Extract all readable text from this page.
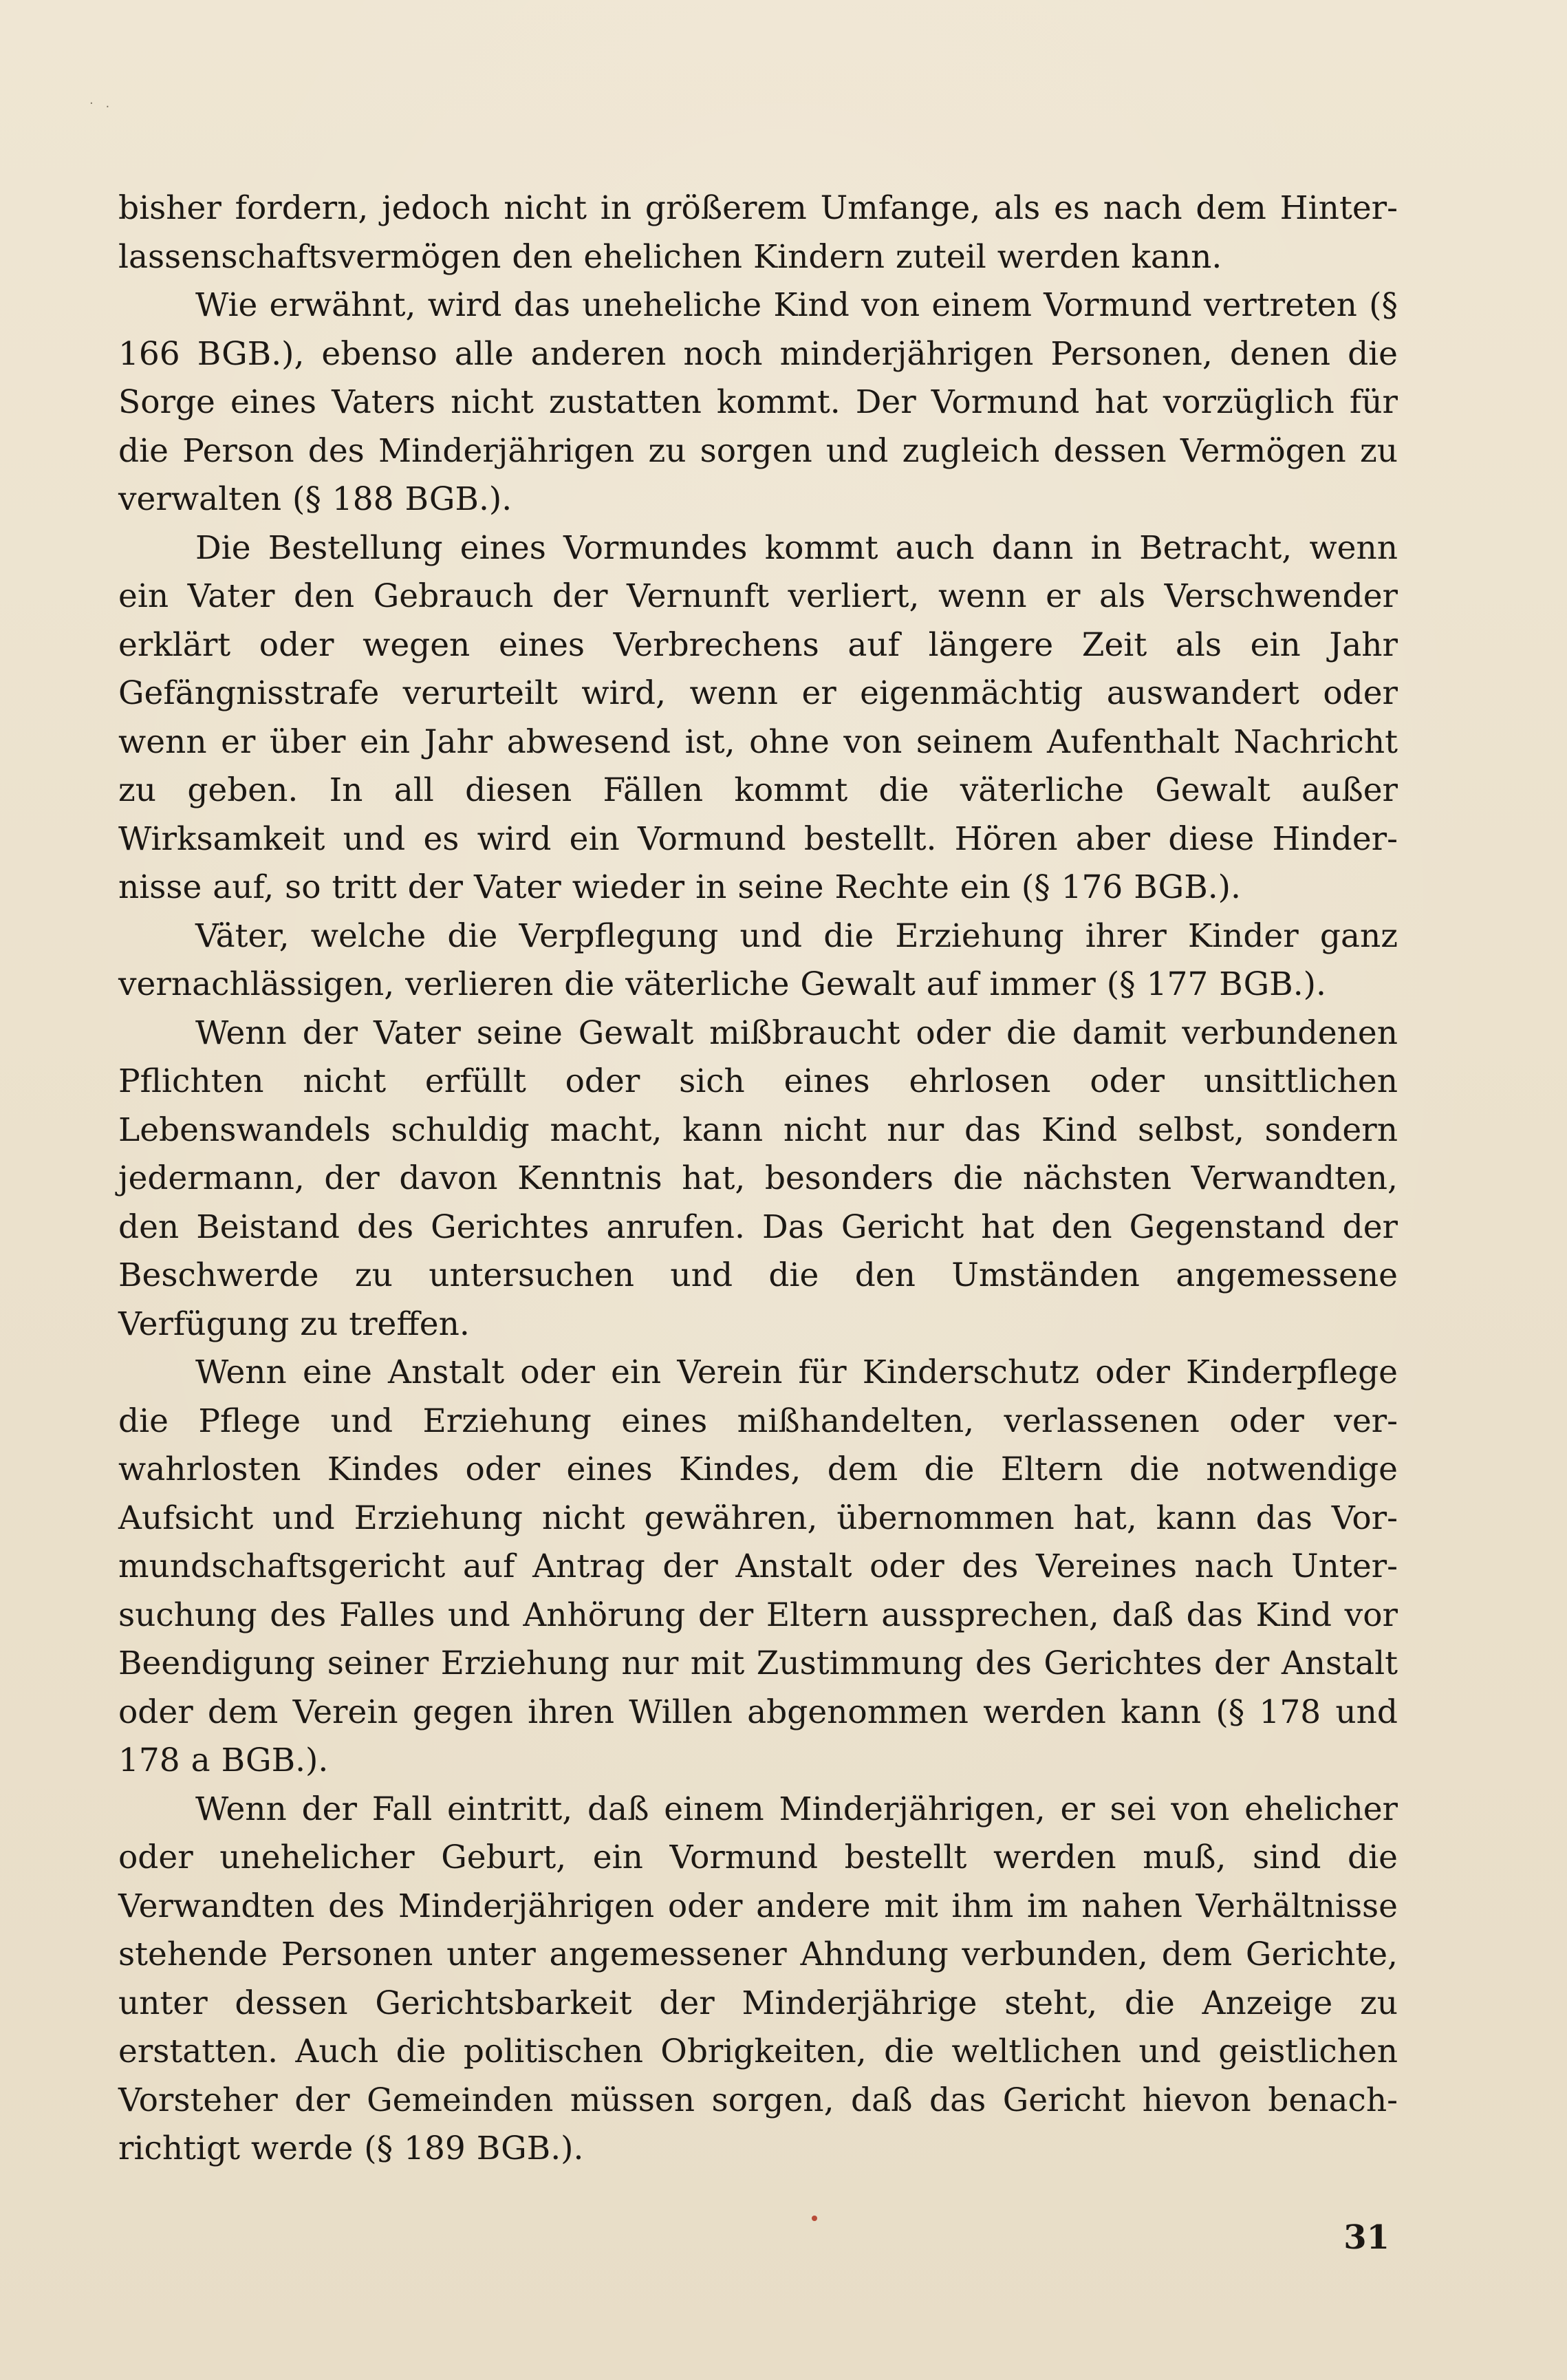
· .

bisher fordern, jedoch nicht in größerem Umfange, als es nach dem Hinterlassenschaftsvermögen den ehelichen Kindern zuteil werden kann.

Wie erwähnt, wird das uneheliche Kind von einem Vormund vertreten (§ 166 BGB.), ebenso alle anderen noch minderjährigen Personen, denen die Sorge eines Vaters nicht zustatten kommt. Der Vormund hat vorzüglich für die Person des Minderjährigen zu sorgen und zugleich dessen Vermögen zu verwalten (§ 188 BGB.).

Die Bestellung eines Vormundes kommt auch dann in Betracht, wenn ein Vater den Gebrauch der Vernunft verliert, wenn er als Verschwender erklärt oder wegen eines Verbrechens auf längere Zeit als ein Jahr Gefängnisstrafe verurteilt wird, wenn er eigenmächtig auswandert oder wenn er über ein Jahr abwesend ist, ohne von seinem Aufenthalt Nachricht zu geben. In all diesen Fällen kommt die väterliche Gewalt außer Wirksamkeit und es wird ein Vormund bestellt. Hören aber diese Hindernisse auf, so tritt der Vater wieder in seine Rechte ein (§ 176 BGB.).

Väter, welche die Verpflegung und die Erziehung ihrer Kinder ganz vernachlässigen, verlieren die väterliche Gewalt auf immer (§ 177 BGB.).

Wenn der Vater seine Gewalt mißbraucht oder die damit verbundenen Pflichten nicht erfüllt oder sich eines ehrlosen oder unsittlichen Lebenswandels schuldig macht, kann nicht nur das Kind selbst, sondern jedermann, der davon Kenntnis hat, besonders die nächsten Verwandten, den Beistand des Gerichtes anrufen. Das Gericht hat den Gegenstand der Beschwerde zu untersuchen und die den Umständen angemessene Verfügung zu treffen.

Wenn eine Anstalt oder ein Verein für Kinderschutz oder Kinderpflege die Pflege und Erziehung eines mißhandelten, verlassenen oder verwahrlosten Kindes oder eines Kindes, dem die Eltern die notwendige Aufsicht und Erziehung nicht gewähren, übernommen hat, kann das Vormundschaftsgericht auf Antrag der Anstalt oder des Vereines nach Untersuchung des Falles und Anhörung der Eltern aussprechen, daß das Kind vor Beendigung seiner Erziehung nur mit Zustimmung des Gerichtes der Anstalt oder dem Verein gegen ihren Willen abgenommen werden kann (§ 178 und 178 a BGB.).

Wenn der Fall eintritt, daß einem Minderjährigen, er sei von ehelicher oder unehelicher Geburt, ein Vormund bestellt werden muß, sind die Verwandten des Minderjährigen oder andere mit ihm im nahen Verhältnisse stehende Personen unter angemessener Ahndung verbunden, dem Gerichte, unter dessen Gerichtsbarkeit der Minderjährige steht, die Anzeige zu erstatten. Auch die politischen Obrigkeiten, die weltlichen und geistlichen Vorsteher der Gemeinden müssen sorgen, daß das Gericht hievon benachrichtigt werde (§ 189 BGB.).

31
